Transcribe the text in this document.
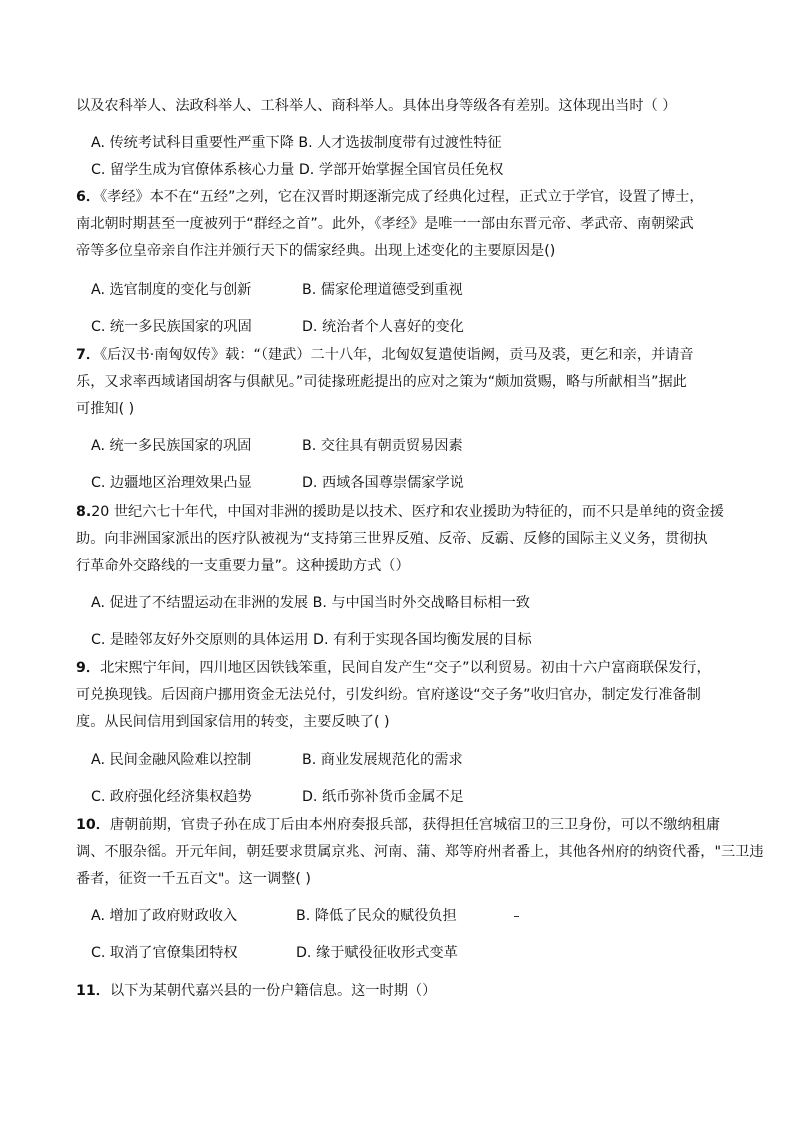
以及农科举人、法政科举人、工科举人、商科举人。具体出身等级各有差别。这体现出当时（ ）
A. 传统考试科目重要性严重下降 B. 人才选拔制度带有过渡性特征
C. 留学生成为官僚体系核心力量 D. 学部开始掌握全国官员任免权
6．《孝经》本不在“五经”之列，它在汉晋时期逐渐完成了经典化过程，正式立于学官，设置了博士，
南北朝时期甚至一度被列于“群经之首”。此外，《孝经》是唯一一部由东晋元帝、孝武帝、南朝梁武
帝等多位皇帝亲自作注并颁行天下的儒家经典。出现上述变化的主要原因是()
A. 选官制度的变化与创新	B. 儒家伦理道德受到重视
C. 统一多民族国家的巩固	D. 统治者个人喜好的变化
7．《后汉书·南匈奴传》载：“（建武）二十八年，北匈奴复遣使诣阙，贡马及裘，更乞和亲，并请音
乐，又求率西域诸国胡客与俱献见。”司徒掾班彪提出的应对之策为“颇加赏赐，略与所献相当”据此
可推知( )
A. 统一多民族国家的巩固	B. 交往具有朝贡贸易因素
C. 边疆地区治理效果凸显	D. 西域各国尊崇儒家学说
8.20 世纪六七十年代，中国对非洲的援助是以技术、医疗和农业援助为特征的，而不只是单纯的资金援
助。向非洲国家派出的医疗队被视为“支持第三世界反殖、反帝、反霸、反修的国际主义义务，贯彻执
行革命外交路线的一支重要力量”。这种援助方式（）
A. 促进了不结盟运动在非洲的发展 B. 与中国当时外交战略目标相一致
C. 是睦邻友好外交原则的具体运用 D. 有利于实现各国均衡发展的目标
9．北宋熙宁年间，四川地区因铁钱笨重，民间自发产生“交子”以利贸易。初由十六户富商联保发行，
可兑换现钱。后因商户挪用资金无法兑付，引发纠纷。官府遂设“交子务”收归官办，制定发行准备制
度。从民间信用到国家信用的转变，主要反映了( )
A. 民间金融风险难以控制	B. 商业发展规范化的需求
C. 政府强化经济集权趋势	D. 纸币弥补货币金属不足
10．唐朝前期，官贵子孙在成丁后由本州府奏报兵部，获得担任宫城宿卫的三卫身份，可以不缴纳租庸
调、不服杂徭。开元年间，朝廷要求贯属京兆、河南、蒲、郑等府州者番上，其他各州府的纳资代番，"三卫违
番者，征资一千五百文"。这一调整( )
A. 增加了政府财政收入	B. 降低了民众的赋役负担
C. 取消了官僚集团特权	D. 缘于赋役征收形式变革
11．以下为某朝代嘉兴县的一份户籍信息。这一时期（）
